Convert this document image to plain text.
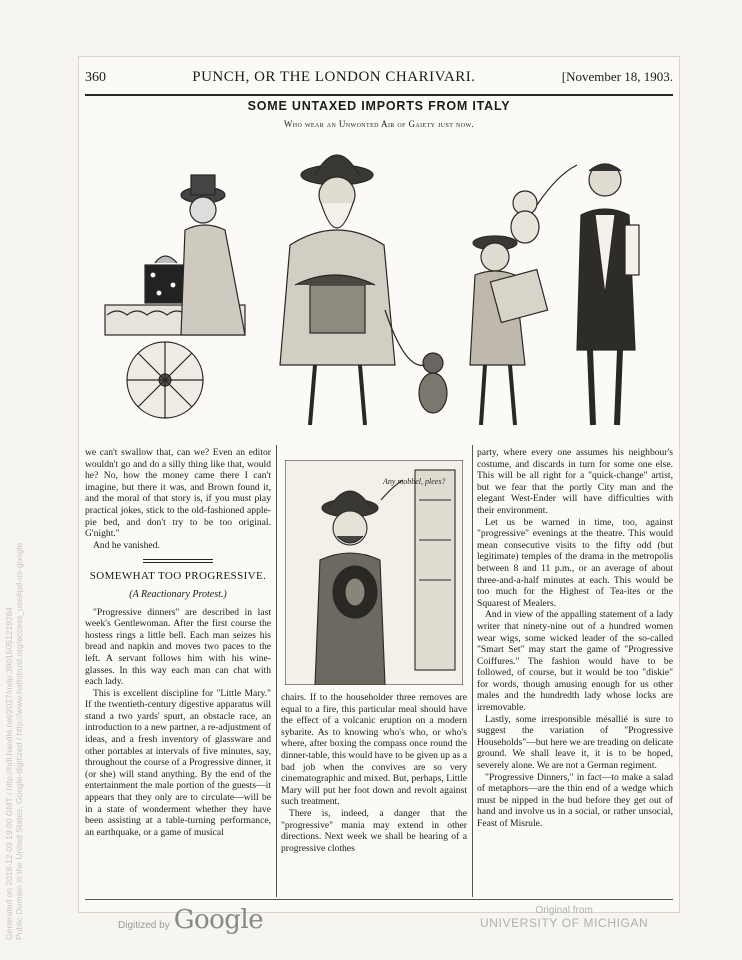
Generated on 2018-12-03 19:00 GMT / http://hdl.handle.net/2027/mdp.39015051219284 Public Domain in the United States, Google-digitized / http://www.hathitrust.org/access_use#pd-us-google
360	PUNCH, OR THE LONDON CHARIVARI.	[November 18, 1903.
SOME UNTAXED IMPORTS FROM ITALY
Who wear an Unwonted Air of Gaiety just now.

we can't swallow that, can we? Even an editor wouldn't go and do a silly thing like that, would he? No, how the money came there I can't imagine, but there it was, and Brown found it, and the moral of that story is, if you must play practical jokes, stick to the old-fashioned apple-pie bed, and don't try to be too original. G'night."

And he vanished.

SOMEWHAT TOO PROGRESSIVE.
(A Reactionary Protest.)

"Progressive dinners" are described in last week's Gentlewoman. After the first course the hostess rings a little bell. Each man seizes his bread and napkin and moves two paces to the left. A servant follows him with his wine-glasses. In this way each man can chat with each lady.

This is excellent discipline for "Little Mary." If the twentieth-century digestive apparatus will stand a two yards' spurt, an obstacle race, an introduction to a new partner, a re-adjustment of ideas, and a fresh inventory of glassware and other portables at intervals of five minutes, say, throughout the course of a Progressive dinner, it (or she) will stand anything. By the end of the entertainment the male portion of the guests—it appears that they only are to circulate—will be in a state of wonderment whether they have been assisting at a table-turning performance, an earthquake, or a game of musical

Any mobbel, plees?

chairs. If to the householder three removes are equal to a fire, this particular meal should have the effect of a volcanic eruption on a modern sybarite. As to knowing who's who, or who's where, after boxing the compass once round the dinner-table, this would have to be given up as a bad job when the convives are so very cinematographic and mixed. But, perhaps, Little Mary will put her foot down and revolt against such treatment.

There is, indeed, a danger that the "progressive" mania may extend in other directions. Next week we shall be hearing of a progressive clothes

party, where every one assumes his neighbour's costume, and discards in turn for some one else. This will be all right for a "quick-change" artist, but we fear that the portly City man and the elegant West-Ender will have difficulties with their environment.

Let us be warned in time, too, against "progressive" evenings at the theatre. This would mean consecutive visits to the fifty odd (but legitimate) temples of the drama in the metropolis between 8 and 11 p.m., or an average of about three-and-a-half minutes at each. This would be too much for the Highest of Tea-ites or the Squarest of Mealers.

And in view of the appalling statement of a lady writer that ninety-nine out of a hundred women wear wigs, some wicked leader of the so-called "Smart Set" may start the game of "Progressive Coiffures." The fashion would have to be followed, of course, but it would be too "diskie" for words, though amusing enough for us other males and the hundredth lady whose locks are irremovable.

Lastly, some irresponsible mésallié is sure to suggest the variation of "Progressive Households"—but here we are treading on delicate ground. We shall leave it, it is to be hoped, severely alone. We are not a German regiment.

"Progressive Dinners," in fact—to make a salad of metaphors—are the thin end of a wedge which must be nipped in the bud before they get out of hand and involve us in a social, or rather unsocial, Feast of Misrule.

Digitized by Google	Original from
UNIVERSITY OF MICHIGAN
